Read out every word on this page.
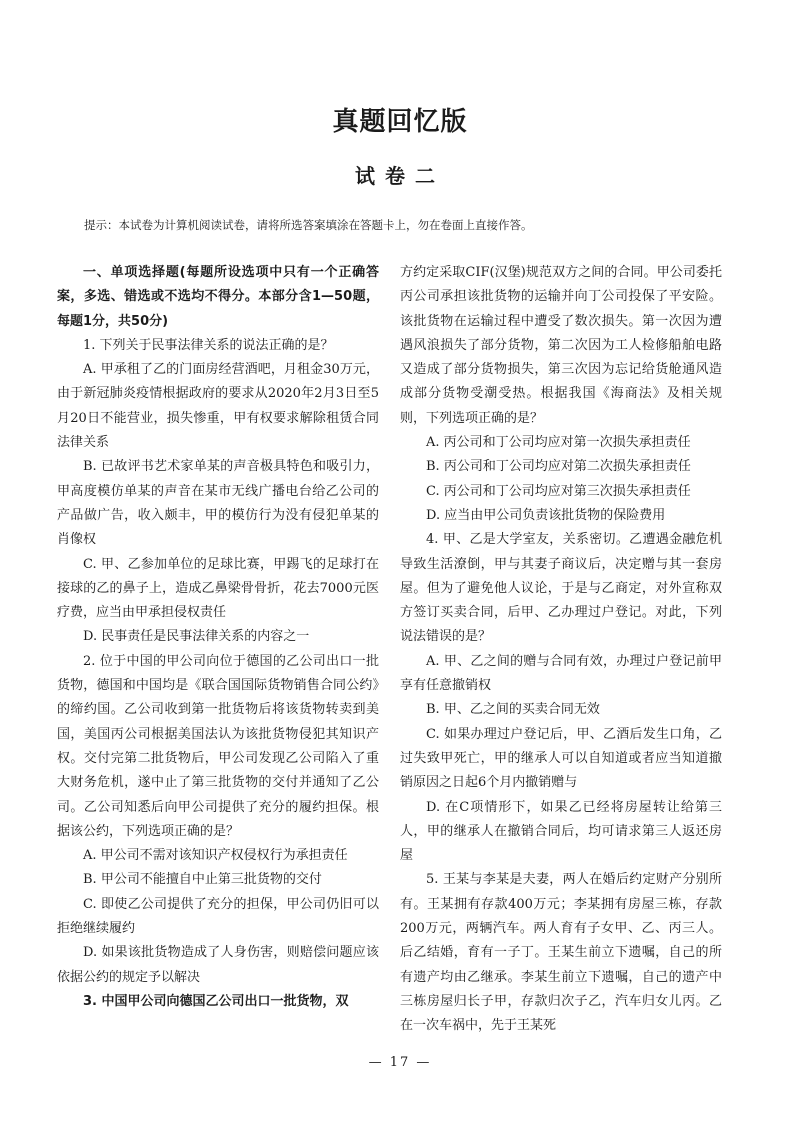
真题回忆版
试卷二

提示：本试卷为计算机阅读试卷，请将所选答案填涂在答题卡上，勿在卷面上直接作答。

一、单项选择题(每题所设选项中只有一个正确答案，多选、错选或不选均不得分。本部分含1—50题，每题1分，共50分)

1. 下列关于民事法律关系的说法正确的是？

A. 甲承租了乙的门面房经营酒吧，月租金30万元，由于新冠肺炎疫情根据政府的要求从2020年2月3日至5月20日不能营业，损失惨重，甲有权要求解除租赁合同法律关系

B. 已故评书艺术家单某的声音极具特色和吸引力，甲高度模仿单某的声音在某市无线广播电台给乙公司的产品做广告，收入颇丰，甲的模仿行为没有侵犯单某的肖像权

C. 甲、乙参加单位的足球比赛，甲踢飞的足球打在接球的乙的鼻子上，造成乙鼻梁骨骨折，花去7000元医疗费，应当由甲承担侵权责任

D. 民事责任是民事法律关系的内容之一

2. 位于中国的甲公司向位于德国的乙公司出口一批货物，德国和中国均是《联合国国际货物销售合同公约》的缔约国。乙公司收到第一批货物后将该货物转卖到美国，美国丙公司根据美国法认为该批货物侵犯其知识产权。交付完第二批货物后，甲公司发现乙公司陷入了重大财务危机，遂中止了第三批货物的交付并通知了乙公司。乙公司知悉后向甲公司提供了充分的履约担保。根据该公约，下列选项正确的是？

A. 甲公司不需对该知识产权侵权行为承担责任

B. 甲公司不能擅自中止第三批货物的交付

C. 即使乙公司提供了充分的担保，甲公司仍旧可以拒绝继续履约

D. 如果该批货物造成了人身伤害，则赔偿问题应该依据公约的规定予以解决

3. 中国甲公司向德国乙公司出口一批货物，双

方约定采取CIF(汉堡)规范双方之间的合同。甲公司委托丙公司承担该批货物的运输并向丁公司投保了平安险。该批货物在运输过程中遭受了数次损失。第一次因为遭遇风浪损失了部分货物，第二次因为工人检修船舶电路又造成了部分货物损失，第三次因为忘记给货舱通风造成部分货物受潮受热。根据我国《海商法》及相关规则，下列选项正确的是？

A. 丙公司和丁公司均应对第一次损失承担责任

B. 丙公司和丁公司均应对第二次损失承担责任

C. 丙公司和丁公司均应对第三次损失承担责任

D. 应当由甲公司负责该批货物的保险费用

4. 甲、乙是大学室友，关系密切。乙遭遇金融危机导致生活潦倒，甲与其妻子商议后，决定赠与其一套房屋。但为了避免他人议论，于是与乙商定，对外宣称双方签订买卖合同，后甲、乙办理过户登记。对此，下列说法错误的是？

A. 甲、乙之间的赠与合同有效，办理过户登记前甲享有任意撤销权

B. 甲、乙之间的买卖合同无效

C. 如果办理过户登记后，甲、乙酒后发生口角，乙过失致甲死亡，甲的继承人可以自知道或者应当知道撤销原因之日起6个月内撤销赠与

D. 在C项情形下，如果乙已经将房屋转让给第三人，甲的继承人在撤销合同后，均可请求第三人返还房屋

5. 王某与李某是夫妻，两人在婚后约定财产分别所有。王某拥有存款400万元；李某拥有房屋三栋，存款200万元，两辆汽车。两人育有子女甲、乙、丙三人。后乙结婚，育有一子丁。王某生前立下遗嘱，自己的所有遗产均由乙继承。李某生前立下遗嘱，自己的遗产中三栋房屋归长子甲，存款归次子乙，汽车归女儿丙。乙在一次车祸中，先于王某死

— 17 —
